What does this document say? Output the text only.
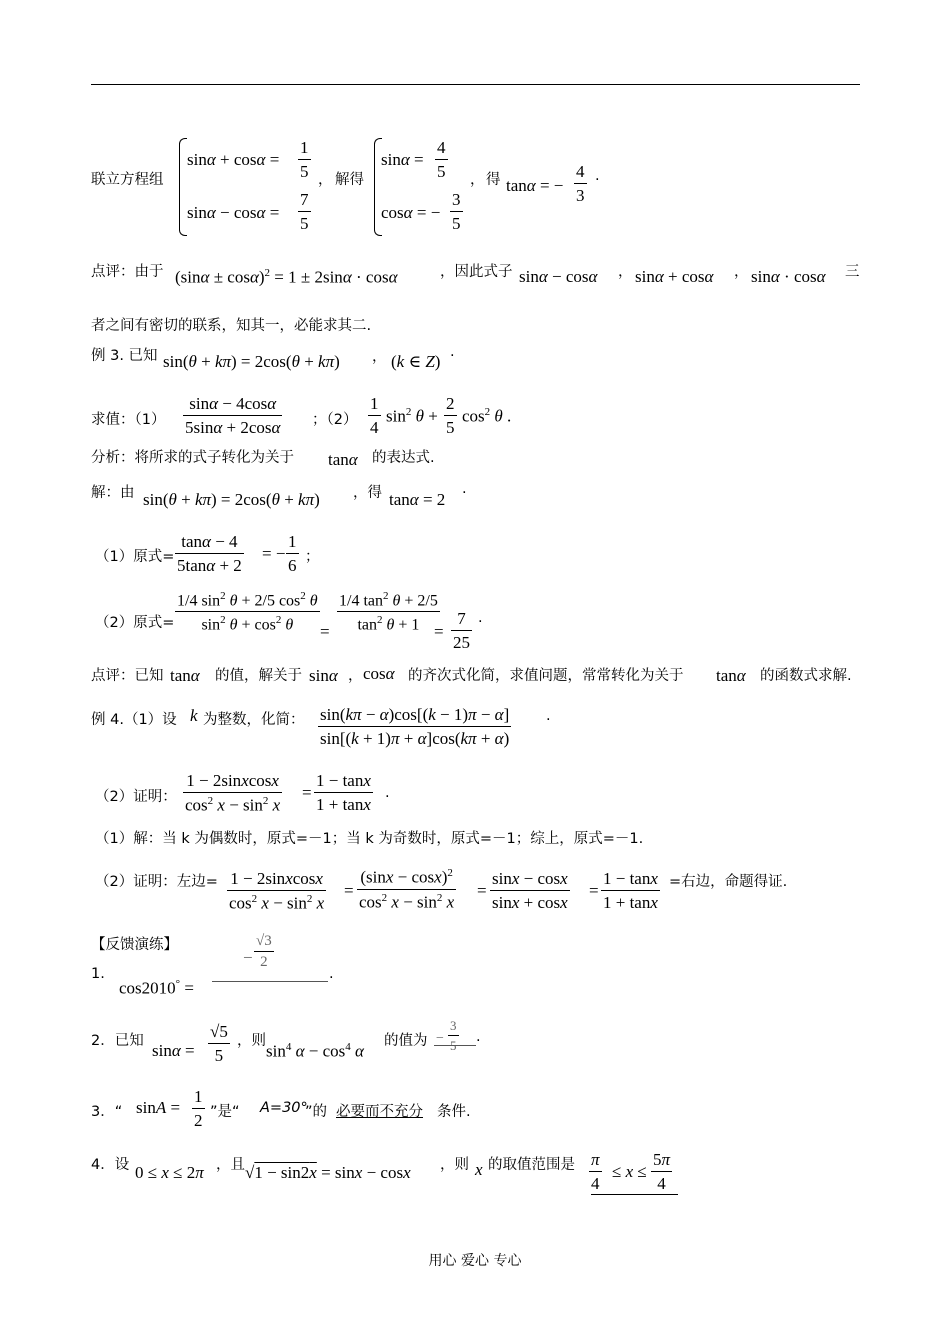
联立方程组
$\sin\alpha + \cos\alpha = \frac{1}{5}$
$\sin\alpha - \cos\alpha = \frac{7}{5}$
， 解得
$\sin\alpha = \frac{4}{5}$
cosα = − $\frac{3}{5}$
， 得 tanα = − $\frac{4}{3}$ .
点评：由于 $(\sin\alpha \pm \cos\alpha)^2 = 1 \pm 2\sin\alpha \cdot \cos\alpha$	，因此式子 sinα − cosα ， sinα + cosα ， sinα · cosα 三
者之间有密切的联系，知其一，必能求其二.
例 3. 已知 sin(θ + kπ) = 2cos(θ + kπ) ， (k ∈ Z) .
求值：$(1) \frac{\sin\alpha - 4\cos\alpha}{5\sin\alpha + 2\cos\alpha}$ ；$(2) \frac{1}{4} \sin^2 \theta + \frac{2}{5} \cos^2 \theta$ .
分析：将所求的式子转化为关于 tanα 的表达式.
解：由 sin(θ + kπ) = 2cos(θ + kπ) ，得 tanα = 2
.
（1）原式= $\frac{\tan\alpha - 4}{5\tan\alpha + 2}$ = − $\frac{1}{6}$ ；
（2）原式= $\frac{1/4 \sin^2 \theta + 2/5 \cos^2 \theta}{\sin^2 \theta + \cos^2 \theta} = \frac{1/4 \tan^2 \theta + 2/5}{\tan^2 \theta + 1}$
= $\frac{7}{25}$ .
点评：已知 tanα 的值，解关于 sinα ， cosα 的齐次式化简，求值问题，常常转化为关于 tanα 的函数式求解.
例 4.（1）设 k 为整数，化简： $\frac{\sin(k\pi - \alpha)\cos[(k - 1)\pi - \alpha]}{\sin[(k + 1)\pi + \alpha]\cos(k\pi + \alpha)}$ .
（2）证明： $\frac{\text{1 − 2sinxcosx}}{\cos^2 x - \sin^2 x} = \frac{1 - \tan x}{1 + \tan x}$ .
（1）解：当 k 为偶数时，原式=－1；当 k 为奇数时，原式=－1；综上，原式=－1.
（2）证明：左边= $\frac{\text{1 − 2sinxcosx}}{\cos^2 x - \sin^2 x} = \frac{(\sin x - \cos x)^2}{\cos^2 x - \sin^2 x} = \frac{\sin x - \cos x}{\sin x + \cos x} = \frac{1 - \tan x}{1 + \tan x}$ =右边，命题得证.
【反馈演练】
1.
cos2010° =
− $\frac{√3}{2}$
.
2．已知 $\sin\alpha = \frac{√5}{5}$ ，则
$\sin^4 \alpha - \cos^4 \alpha$
的值为 − $\frac{3}{5}$ .
3．“ $\sin A = \frac{1}{2}$ ”是“ A=30°
”的 必要而不充分 条件.
4．设 0 ≤ x ≤ 2π ，且 √1 − sin2x = sinx − cosx ，则 x 的取值范围是 $\frac{\pi}{4} \le x \le \frac{5\pi}{4}$
用心 爱心 专心
